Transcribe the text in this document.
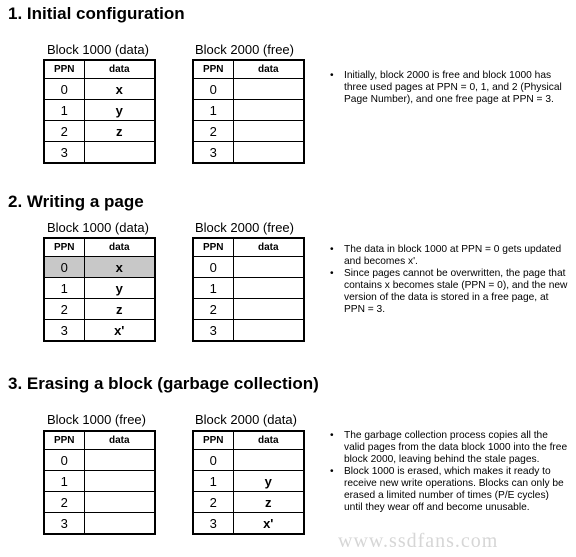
1. Initial configuration
Block 1000 (data)
PPN	data
0	x
1	y
2	z
3	
Block 2000 (free)
PPN	data
0	
1	
2	
3	
• Initially, block 2000 is free and block 1000 has three used pages at PPN = 0, 1, and 2 (Physical Page Number), and one free page at PPN = 3.
2. Writing a page
Block 1000 (data)
PPN	data
0	x
1	y
2	z
3	x'
Block 2000 (free)
PPN	data
0	
1	
2	
3	
• The data in block 1000 at PPN = 0 gets updated and becomes x'.
• Since pages cannot be overwritten, the page that contains x becomes stale (PPN = 0), and the new version of the data is stored in a free page, at PPN = 3.
3. Erasing a block (garbage collection)
Block 1000 (free)
PPN	data
0	
1	
2	
3	
Block 2000 (data)
PPN	data
0	
1	y
2	z
3	x'
• The garbage collection process copies all the valid pages from the data block 1000 into the free block 2000, leaving behind the stale pages.
• Block 1000 is erased, which makes it ready to receive new write operations. Blocks can only be erased a limited number of times (P/E cycles) until they wear off and become unusable.
www.ssdfans.com
